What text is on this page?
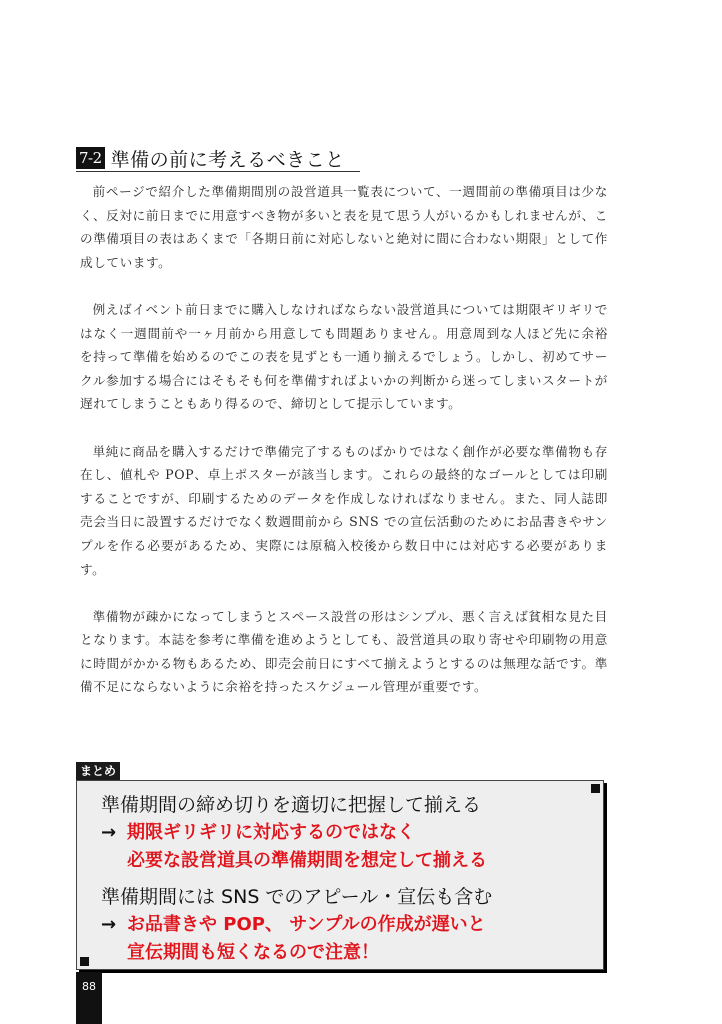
7-2 準備の前に考えるべきこと

前ページで紹介した準備期間別の設営道具一覧表について、一週間前の準備項目は少なく、反対に前日までに用意すべき物が多いと表を見て思う人がいるかもしれませんが、この準備項目の表はあくまで「各期日前に対応しないと絶対に間に合わない期限」として作成しています。

例えばイベント前日までに購入しなければならない設営道具については期限ギリギリではなく一週間前や一ヶ月前から用意しても問題ありません。用意周到な人ほど先に余裕を持って準備を始めるのでこの表を見ずとも一通り揃えるでしょう。しかし、初めてサークル参加する場合にはそもそも何を準備すればよいかの判断から迷ってしまいスタートが遅れてしまうこともあり得るので、締切として提示しています。

単純に商品を購入するだけで準備完了するものばかりではなく創作が必要な準備物も存在し、値札や POP、卓上ポスターが該当します。これらの最終的なゴールとしては印刷することですが、印刷するためのデータを作成しなければなりません。また、同人誌即売会当日に設置するだけでなく数週間前から SNS での宣伝活動のためにお品書きやサンプルを作る必要があるため、実際には原稿入校後から数日中には対応する必要があります。

準備物が疎かになってしまうとスペース設営の形はシンプル、悪く言えば貧相な見た目となります。本誌を参考に準備を進めようとしても、設営道具の取り寄せや印刷物の用意に時間がかかる物もあるため、即売会前日にすべて揃えようとするのは無理な話です。準備不足にならないように余裕を持ったスケジュール管理が重要です。

まとめ
準備期間の締め切りを適切に把握して揃える
→ 期限ギリギリに対応するのではなく
必要な設営道具の準備期間を想定して揃える
準備期間には SNS でのアピール・宣伝も含む
→ お品書きや POP、 サンプルの作成が遅いと
宣伝期間も短くなるので注意！
88
